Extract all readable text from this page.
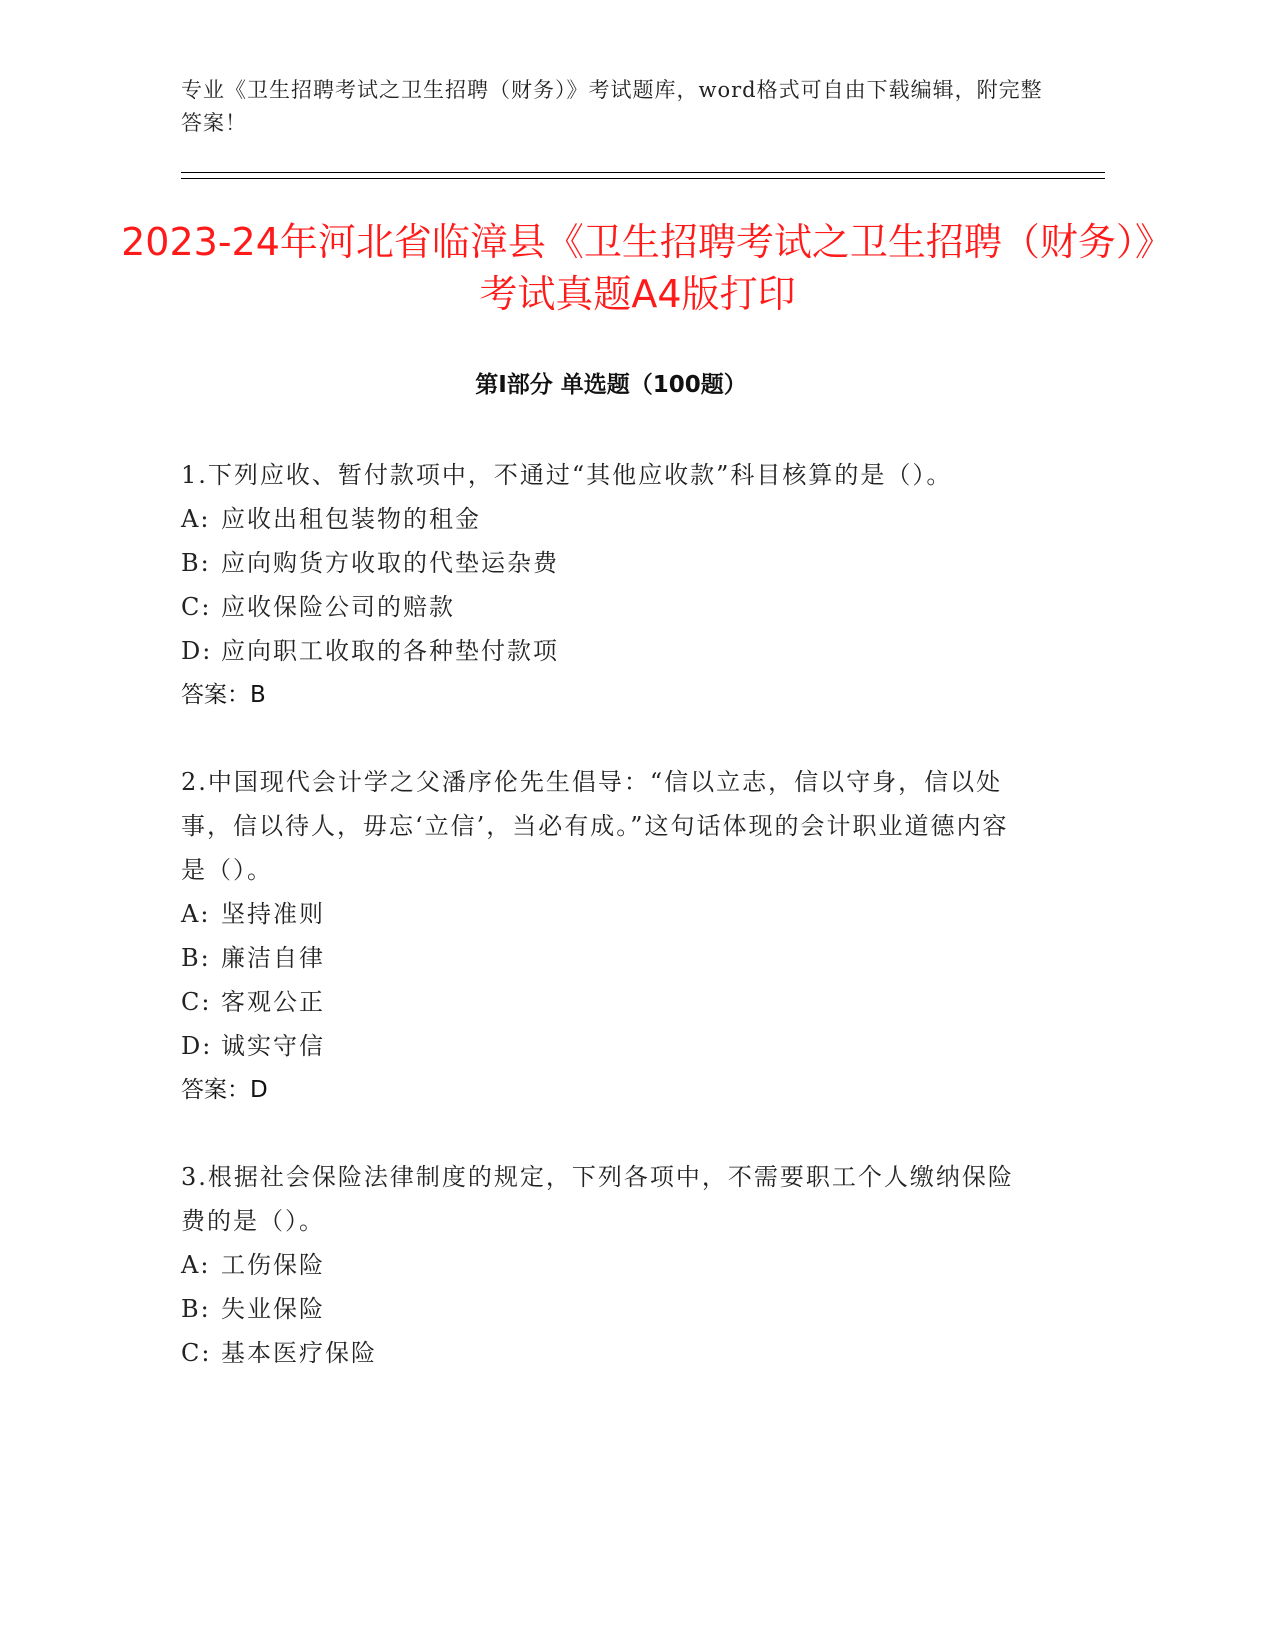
专业《卫生招聘考试之卫生招聘（财务）》考试题库，word格式可自由下载编辑，附完整答案！
2023-24年河北省临漳县《卫生招聘考试之卫生招聘（财务）》考试真题A4版打印
第Ⅰ部分 单选题（100题）

1.下列应收、暂付款项中，不通过“其他应收款”科目核算的是（）。

A: 应收出租包装物的租金
B: 应向购货方收取的代垫运杂费
C: 应收保险公司的赔款
D: 应向职工收取的各种垫付款项
答案：B

2.中国现代会计学之父潘序伦先生倡导：“信以立志，信以守身，信以处事，信以待人，毋忘‘立信’，当必有成。”这句话体现的会计职业道德内容是（）。

A: 坚持准则
B: 廉洁自律
C: 客观公正
D: 诚实守信
答案：D

3.根据社会保险法律制度的规定，下列各项中，不需要职工个人缴纳保险费的是（）。

A: 工伤保险
B: 失业保险
C: 基本医疗保险
